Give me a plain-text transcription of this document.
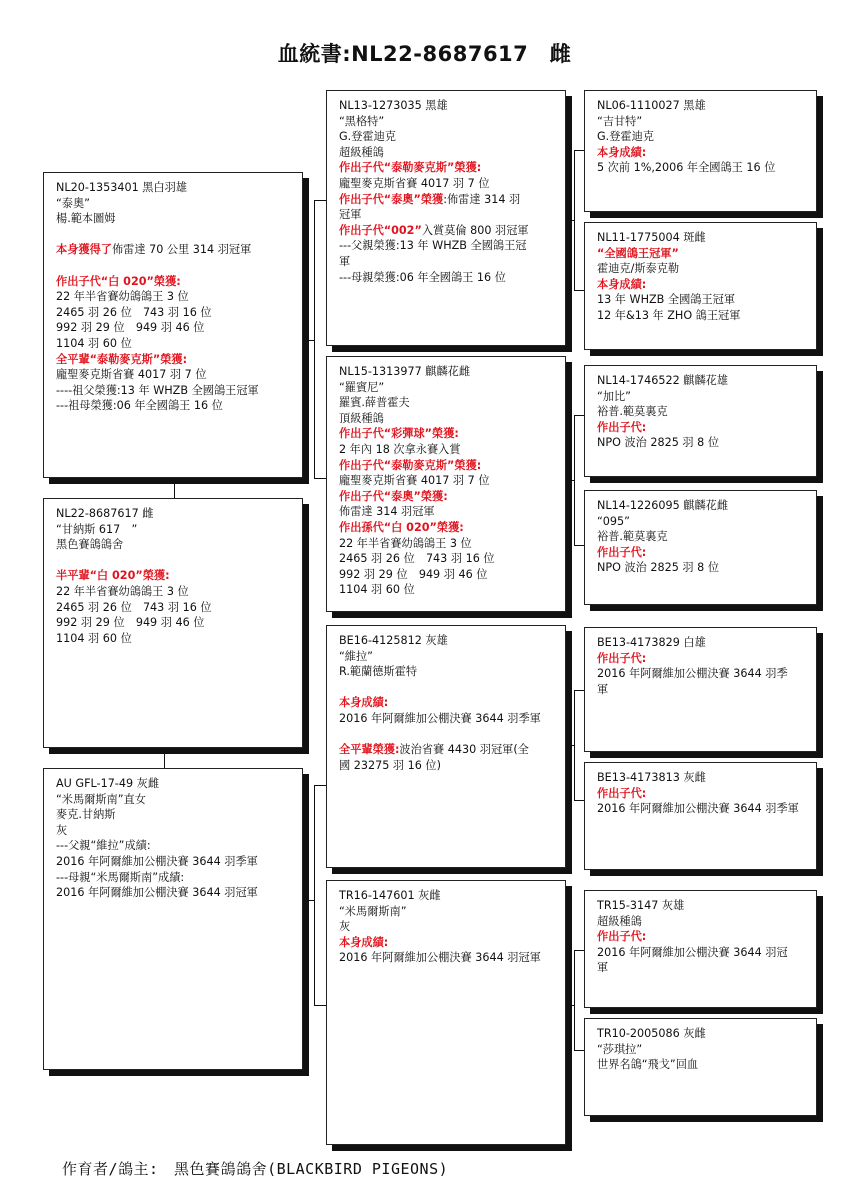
血統書:NL22-8687617　雌
NL20-1353401 黑白羽雄
“泰奧”
楊.範本圖姆
本身獲得了佈雷達 70 公里 314 羽冠軍
作出子代“白 020”榮獲:
22 年半省賽幼鴿鴿王 3 位
2465 羽 26 位　743 羽 16 位
992 羽 29 位　949 羽 46 位
1104 羽 60 位
全平輩“泰勒麥克斯”榮獲:
龐聖麥克斯省賽 4017 羽 7 位
----祖父榮獲:13 年 WHZB 全國鴿王冠軍
---祖母榮獲:06 年全國鴿王 16 位
NL22-8687617 雌
“甘納斯 617　”
黑色賽鴿鴿舍
半平輩“白 020”榮獲:
22 年半省賽幼鴿鴿王 3 位
2465 羽 26 位　743 羽 16 位
992 羽 29 位　949 羽 46 位
1104 羽 60 位
AU GFL-17-49 灰雌
“米馬爾斯南”直女
麥克.甘納斯
灰
---父親“維拉”成績:
2016 年阿爾維加公棚決賽 3644 羽季軍
---母親“米馬爾斯南”成績:
2016 年阿爾維加公棚決賽 3644 羽冠軍
NL13-1273035 黑雄
“黑格特”
G.登霍迪克
超級種鴿
作出子代“泰勒麥克斯”榮獲:
龐聖麥克斯省賽 4017 羽 7 位
作出子代“泰奧”榮獲:佈雷達 314 羽
冠軍
作出子代“002”入賞莫倫 800 羽冠軍
---父親榮獲:13 年 WHZB 全國鴿王冠
軍
---母親榮獲:06 年全國鴿王 16 位
NL15-1313977 麒麟花雌
“羅賓尼”
羅賓.薛普霍夫
頂級種鴿
作出子代“彩彈球”榮獲:
2 年內 18 次拿永賽入賞
作出子代“泰勒麥克斯”榮獲:
龐聖麥克斯省賽 4017 羽 7 位
作出子代“泰奧”榮獲:
佈雷達 314 羽冠軍
作出孫代“白 020”榮獲:
22 年半省賽幼鴿鴿王 3 位
2465 羽 26 位　743 羽 16 位
992 羽 29 位　949 羽 46 位
1104 羽 60 位
BE16-4125812 灰雄
“維拉”
R.範蘭德斯霍特
本身成績:
2016 年阿爾維加公棚決賽 3644 羽季軍
全平輩榮獲:波治省賽 4430 羽冠軍(全
國 23275 羽 16 位)
TR16-147601 灰雌
“米馬爾斯南”
灰
本身成績:
2016 年阿爾維加公棚決賽 3644 羽冠軍
NL06-1110027 黑雄
“吉甘特”
G.登霍迪克
本身成績:
5 次前 1%,2006 年全國鴿王 16 位
NL11-1775004 斑雌
“全國鴿王冠軍”
霍迪克/斯泰克勒
本身成績:
13 年 WHZB 全國鴿王冠軍
12 年&13 年 ZHO 鴿王冠軍
NL14-1746522 麒麟花雄
“加比”
裕普.範莫裏克
作出子代:
NPO 波治 2825 羽 8 位
NL14-1226095 麒麟花雌
“095”
裕普.範莫裏克
作出子代:
NPO 波治 2825 羽 8 位
BE13-4173829 白雄
作出子代:
2016 年阿爾維加公棚決賽 3644 羽季
軍
BE13-4173813 灰雌
作出子代:
2016 年阿爾維加公棚決賽 3644 羽季軍
TR15-3147 灰雄
超級種鴿
作出子代:
2016 年阿爾維加公棚決賽 3644 羽冠
軍
TR10-2005086 灰雌
“莎琪拉”
世界名鴿“飛戈”回血
作育者/鴿主:　黑色賽鴿鴿舍(BLACKBIRD PIGEONS)
